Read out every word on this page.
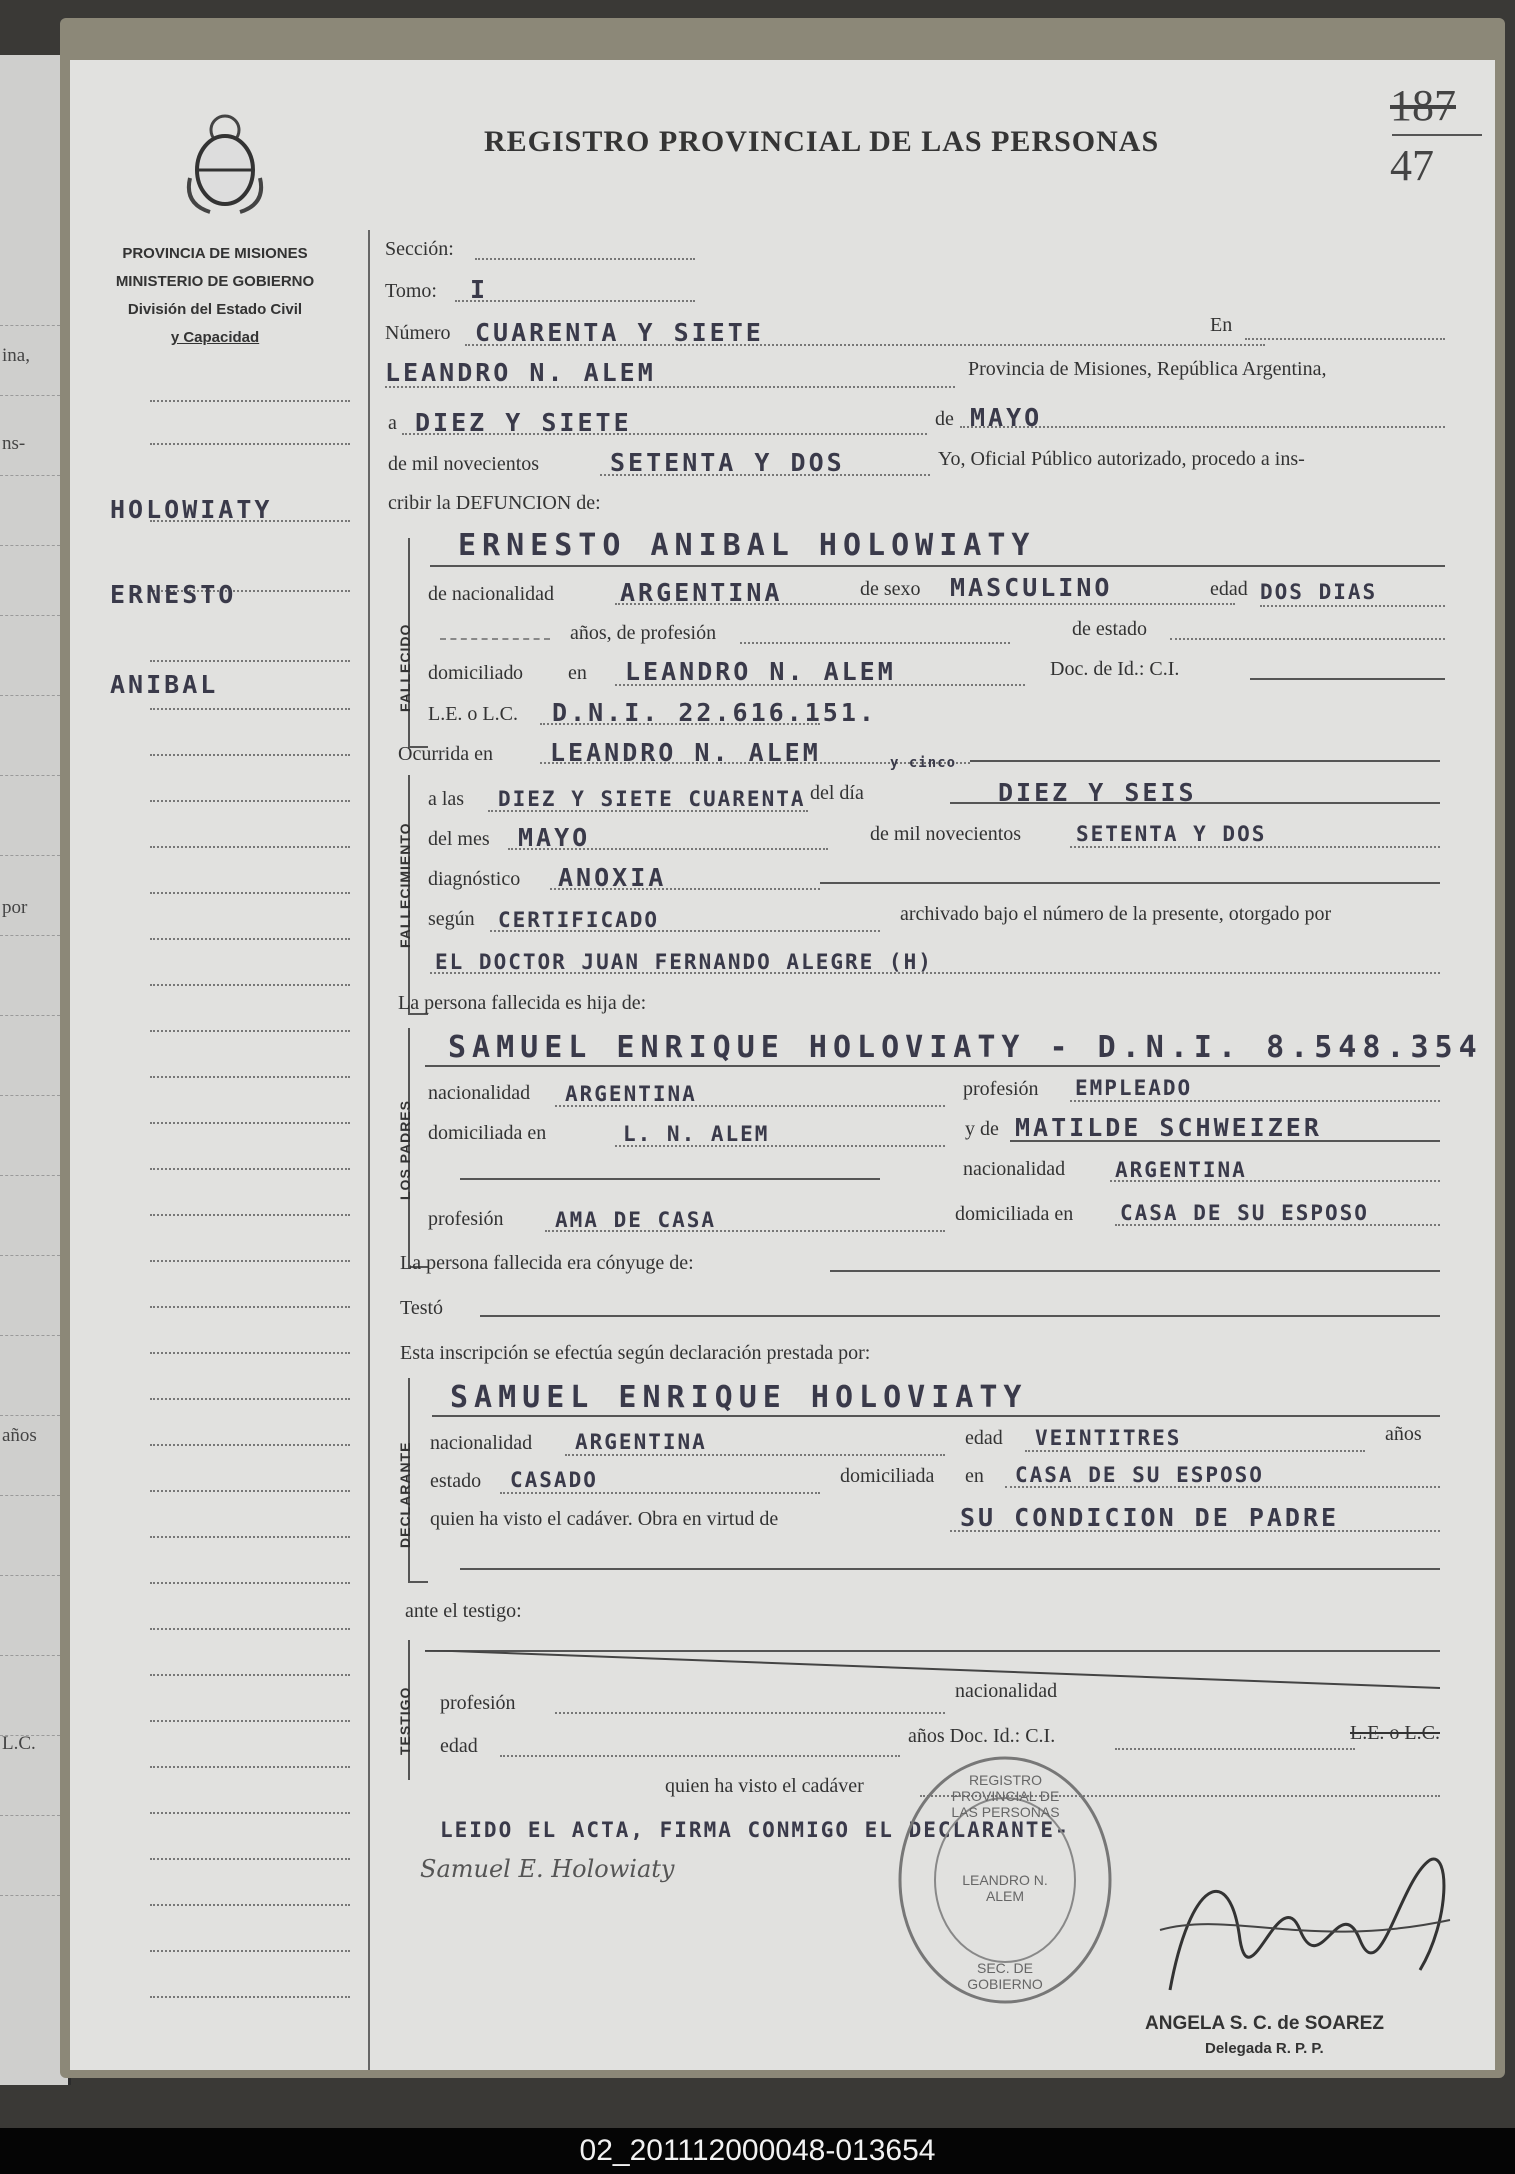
ina,
ns-
por
años
L.C.
REGISTRO PROVINCIAL DE LAS PERSONAS
187
47
PROVINCIA DE MISIONES
MINISTERIO DE GOBIERNO
División del Estado Civil
y Capacidad
HOLOWIATY
ERNESTO
ANIBAL
Sección:
Tomo: I
Número CUARENTA Y SIETE	En
LEANDRO N. ALEM	Provincia de Misiones, República Argentina,
a DIEZ Y SIETE	de MAYO
de mil novecientos	SETENTA Y DOS	Yo, Oficial Público autorizado, procedo a ins-
cribir la DEFUNCION de:
FALLECIDO
ERNESTO ANIBAL HOLOWIATY
de nacionalidad	ARGENTINA	de sexo MASCULINO	edad DOS DIAS
años, de profesión	de estado
domiciliad o en LEANDRO N. ALEM	Doc. de Id.: C.I.
L.E. o L.C. D.N.I. 22.616.151.
Ocurrida en LEANDRO N. ALEM
FALLECIMIENTO
a las DIEZ Y SIETE CUARENTA
y cinco
del día	DIEZ Y SEIS
del mes MAYO	de mil novecientos	SETENTA Y DOS
diagnóstico ANOXIA
según CERTIFICADO	archivado bajo el número de la presente, otorgado por
EL DOCTOR JUAN FERNANDO ALEGRE (H)
La persona fallecida es hija de:
LOS PADRES
SAMUEL ENRIQUE HOLOVIATY - D.N.I. 8.548.354
nacionalidad ARGENTINA	profesión EMPLEADO
domiciliada en	L. N. ALEM	y de MATILDE SCHWEIZER
nacionalidad ARGENTINA
profesión AMA DE CASA	domiciliada en CASA DE SU ESPOSO
La persona fallecida era cónyuge de:
Testó
Esta inscripción se efectúa según declaración prestada por:
DECLARANTE
SAMUEL ENRIQUE HOLOVIATY
nacionalidad ARGENTINA	edad VEINTITRES	años
estado CASADO	domiciliada en CASA DE SU ESPOSO
quien ha visto el cadáver. Obra en virtud de	SU CONDICION DE PADRE
ante el testigo:
TESTIGO	nacionalidad
profesión
edad	años Doc. Id.: C.I.	L.E. o L.C.
quien ha visto el cadáver
LEIDO EL ACTA, FIRMA CONMIGO EL DECLARANTE-
Samuel E. Holowiaty
REGISTRO PROVINCIAL DE LAS PERSONAS
LEANDRO N. ALEM
SEC. DE GOBIERNO
ANGELA S. C. de SOAREZ
Delegada R. P. P.
02_201112000048-013654
